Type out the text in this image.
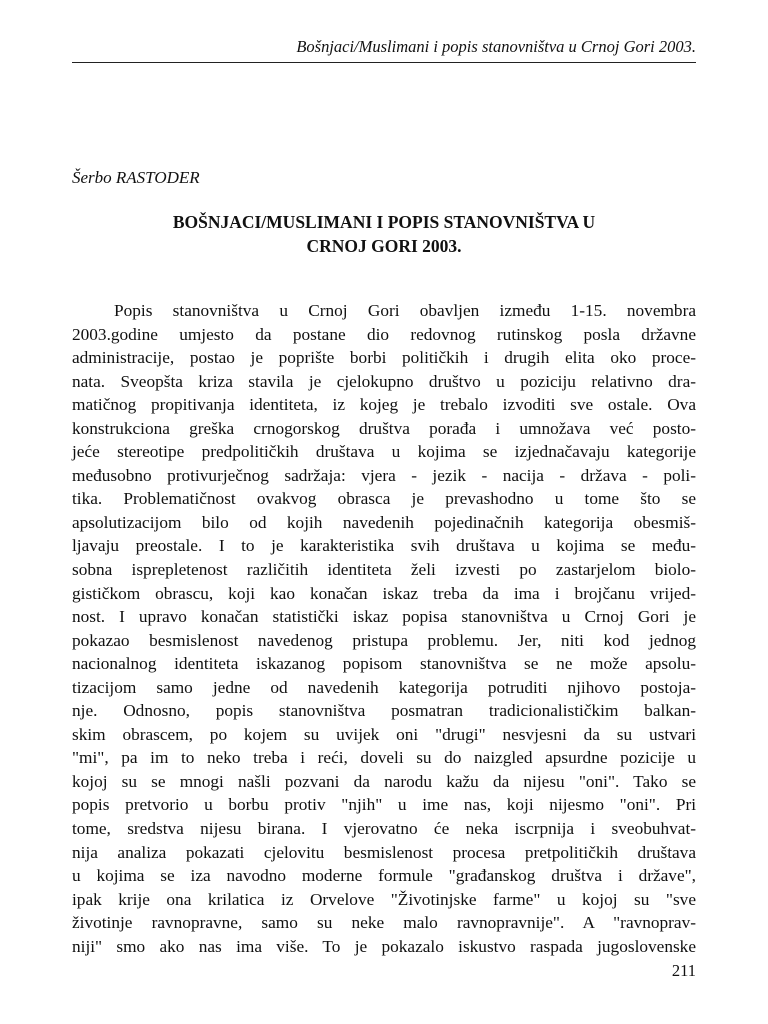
Bošnjaci/Muslimani i popis stanovništva u Crnoj Gori 2003.
Šerbo RASTODER
BOŠNJACI/MUSLIMANI I POPIS STANOVNIŠTVA U
CRNOJ GORI 2003.
Popis stanovništva u Crnoj Gori obavljen između 1-15. novembra
2003.godine umjesto da postane dio redovnog rutinskog posla državne
administracije, postao je poprište borbi političkih i drugih elita oko proce-
nata. Sveopšta kriza stavila je cjelokupno društvo u poziciju relativno dra-
matičnog propitivanja identiteta, iz kojeg je trebalo izvoditi sve ostale. Ova
konstrukciona greška crnogorskog društva porađa i umnožava već posto-
jeće stereotipe predpolitičkih društava u kojima se izjednačavaju kategorije
međusobno protivurječnog sadržaja: vjera - jezik - nacija - država - poli-
tika. Problematičnost ovakvog obrasca je prevashodno u tome što se
apsolutizacijom bilo od kojih navedenih pojedinačnih kategorija obesmiš-
ljavaju preostale. I to je karakteristika svih društava u kojima se među-
sobna isprepletenost različitih identiteta želi izvesti po zastarjelom biolo-
gističkom obrascu, koji kao konačan iskaz treba da ima i brojčanu vrijed-
nost. I upravo konačan statistički iskaz popisa stanovništva u Crnoj Gori je
pokazao besmislenost navedenog pristupa problemu. Jer, niti kod jednog
nacionalnog identiteta iskazanog popisom stanovništva se ne može apsolu-
tizacijom samo jedne od navedenih kategorija potruditi njihovo postoja-
nje. Odnosno, popis stanovništva posmatran tradicionalističkim balkan-
skim obrascem, po kojem su uvijek oni "drugi" nesvjesni da su ustvari
"mi", pa im to neko treba i reći, doveli su do naizgled apsurdne pozicije u
kojoj su se mnogi našli pozvani da narodu kažu da nijesu "oni". Tako se
popis pretvorio u borbu protiv "njih" u ime nas, koji nijesmo "oni". Pri
tome, sredstva nijesu birana. I vjerovatno će neka iscrpnija i sveobuhvat-
nija analiza pokazati cjelovitu besmislenost procesa pretpolitičkih društava
u kojima se iza navodno moderne formule "građanskog društva i države",
ipak krije ona krilatica iz Orvelove "Životinjske farme" u kojoj su "sve
životinje ravnopravne, samo su neke malo ravnopravnije". A "ravnoprav-
niji" smo ako nas ima više. To je pokazalo iskustvo raspada jugoslovenske
211
